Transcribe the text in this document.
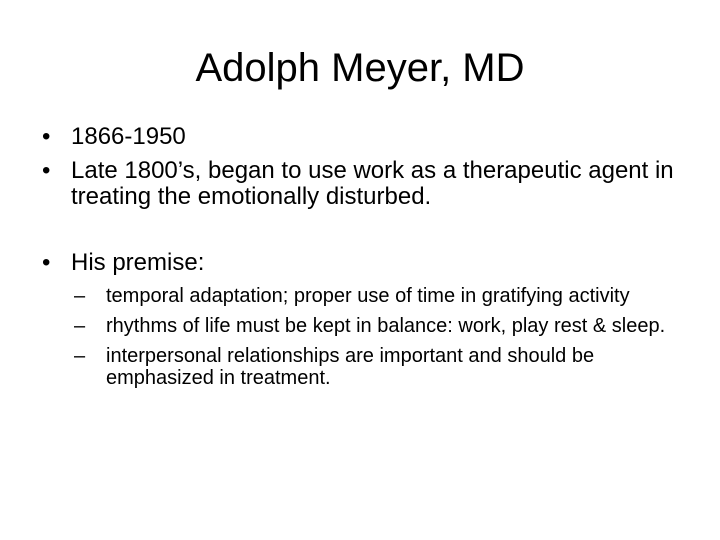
Adolph Meyer, MD
• 1866-1950
• Late 1800’s, began to use work as a therapeutic agent in treating the emotionally disturbed.
• His premise:
– temporal adaptation; proper use of time in gratifying activity
– rhythms of life must be kept in balance: work, play rest & sleep.
– interpersonal relationships are important and should be emphasized in treatment.
